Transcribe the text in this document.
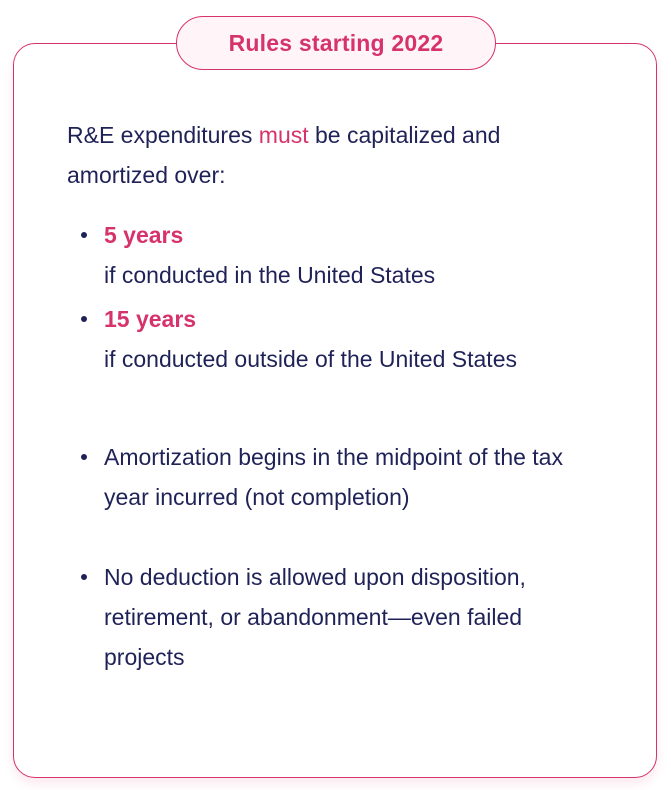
Rules starting 2022

R&E expenditures must be capitalized and amortized over:

5 years
if conducted in the United States
15 years
if conducted outside of the United States
Amortization begins in the midpoint of the tax year incurred (not completion)
No deduction is allowed upon disposition, retirement, or abandonment—even failed projects
